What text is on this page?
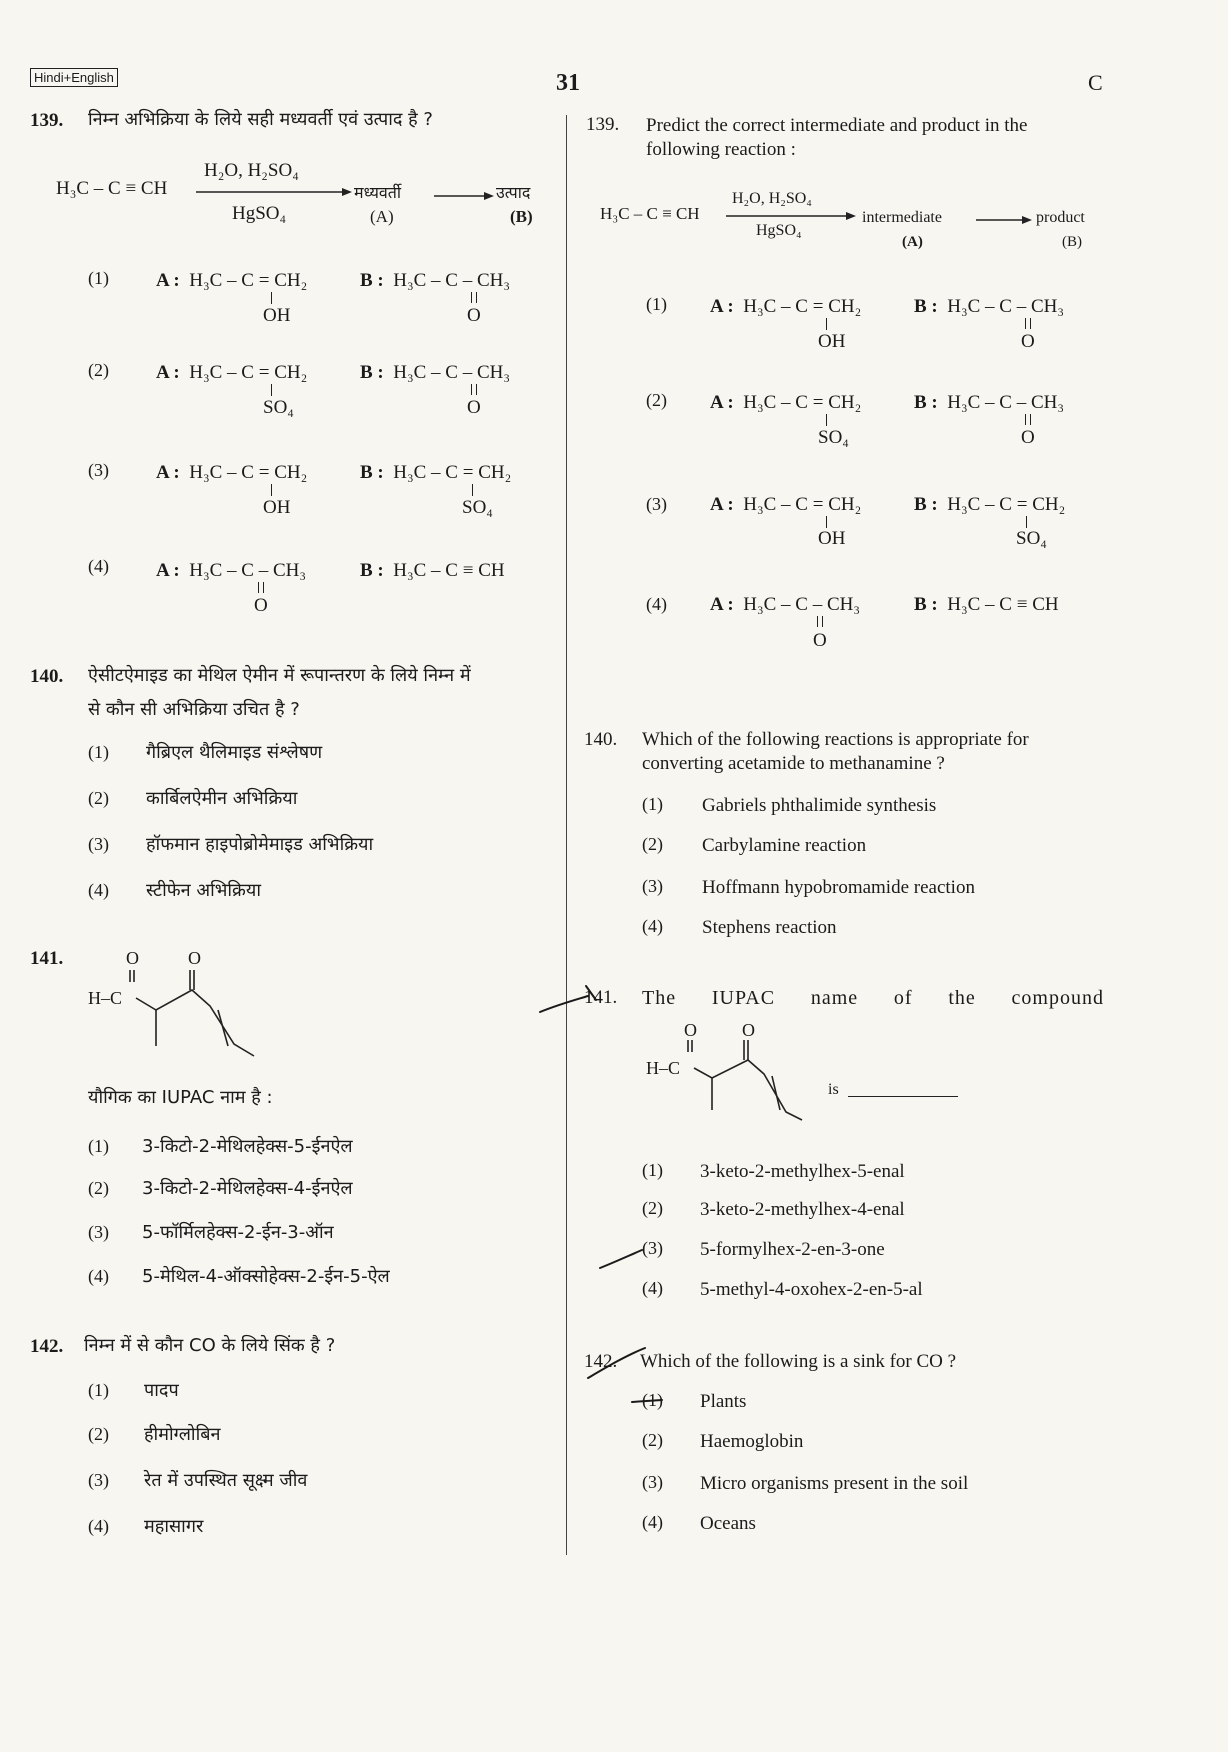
Hindi+English	31	C
139. निम्न अभिक्रिया के लिये सही मध्यवर्ती एवं उत्पाद है ?
H₃C – C ≡ CH
H₂O, H₂SO₄
HgSO₄
मध्यवर्ती
(A)
→ उत्पाद
(B)
(1) A : H₃C – C = CH₂
OH
B : H₃C – C – CH₃
O
(2) A : H₃C – C = CH₂
SO₄
B : H₃C – C – CH₃
O
(3) A : H₃C – C = CH₂
OH
B : H₃C – C = CH₂
SO₄
(4) A : H₃C – C – CH₃
O
B : H₃C – C ≡ CH
140. ऐसीटऐमाइड का मेथिल ऐमीन में रूपान्तरण के लिये निम्न में
से कौन सी अभिक्रिया उचित है ?
(1) गैब्रिएल थैलिमाइड संश्लेषण
(2) कार्बिलऐमीन अभिक्रिया
(3) हॉफमान हाइपोब्रोमेमाइड अभिक्रिया
(4) स्टीफेन अभिक्रिया
141.	O	O
H–C
यौगिक का IUPAC नाम है :
(1) 3-किटो-2-मेथिलहेक्स-5-ईनऐल
(2) 3-किटो-2-मेथिलहेक्स-4-ईनऐल
(3) 5-फॉर्मिलहेक्स-2-ईन-3-ऑन
(4) 5-मेथिल-4-ऑक्सोहेक्स-2-ईन-5-ऐल
142. निम्न में से कौन CO के लिये सिंक है ?
(1) पादप
(2) हीमोग्लोबिन
(3) रेत में उपस्थित सूक्ष्म जीव
(4) महासागर
139. Predict the correct intermediate and product in the
following reaction :
H₃C – C ≡ CH
H₂O, H₂SO₄
HgSO₄
intermediate
(A)
→ product
(B)
(1) A : H₃C – C = CH₂
OH
B : H₃C – C – CH₃
O
(2) A : H₃C – C = CH₂
SO₄
B : H₃C – C – CH₃
O
(3) A : H₃C – C = CH₂
OH
B : H₃C – C = CH₂
SO₄
(4) A : H₃C – C – CH₃
O
B : H₃C – C ≡ CH
140. Which of the following reactions is appropriate for
converting acetamide to methanamine ?
(1) Gabriels phthalimide synthesis
(2) Carbylamine reaction
(3) Hoffmann hypobromamide reaction
(4) Stephens reaction
141. The IUPAC name of the compound
O	O
H–C
is
(1) 3-keto-2-methylhex-5-enal
(2) 3-keto-2-methylhex-4-enal
(3) 5-formylhex-2-en-3-one
(4) 5-methyl-4-oxohex-2-en-5-al
142. Which of the following is a sink for CO ?
(1) Plants
(2) Haemoglobin
(3) Micro organisms present in the soil
(4) Oceans
